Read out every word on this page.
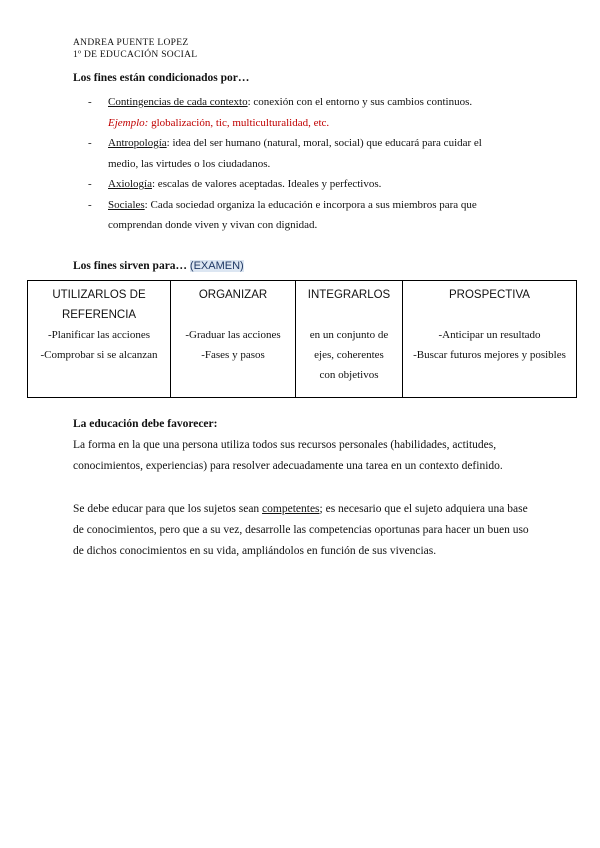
ANDREA PUENTE LOPEZ
1º DE EDUCACIÓN SOCIAL
Los fines están condicionados por…
- Contingencias de cada contexto: conexión con el entorno y sus cambios continuos.
Ejemplo: globalización, tic, multiculturalidad, etc.
- Antropología: idea del ser humano (natural, moral, social) que educará para cuidar el
medio, las virtudes o los ciudadanos.
- Axiología: escalas de valores aceptadas. Ideales y perfectivos.
- Sociales: Cada sociedad organiza la educación e incorpora a sus miembros para que
comprendan donde viven y vivan con dignidad.
Los fines sirven para… (EXAMEN)
UTILIZARLOS DE
REFERENCIA
-Planificar las acciones
-Comprobar si se alcanzan

ORGANIZAR
-Graduar las acciones
-Fases y pasos

INTEGRARLOS
en un conjunto de
ejes, coherentes
con objetivos

PROSPECTIVA
-Anticipar un resultado
-Buscar futuros mejores y posibles
La educación debe favorecer:
La forma en la que una persona utiliza todos sus recursos personales (habilidades, actitudes, conocimientos, experiencias) para resolver adecuadamente una tarea en un contexto definido.
Se debe educar para que los sujetos sean competentes; es necesario que el sujeto adquiera una base de conocimientos, pero que a su vez, desarrolle las competencias oportunas para hacer un buen uso de dichos conocimientos en su vida, ampliándolos en función de sus vivencias.
